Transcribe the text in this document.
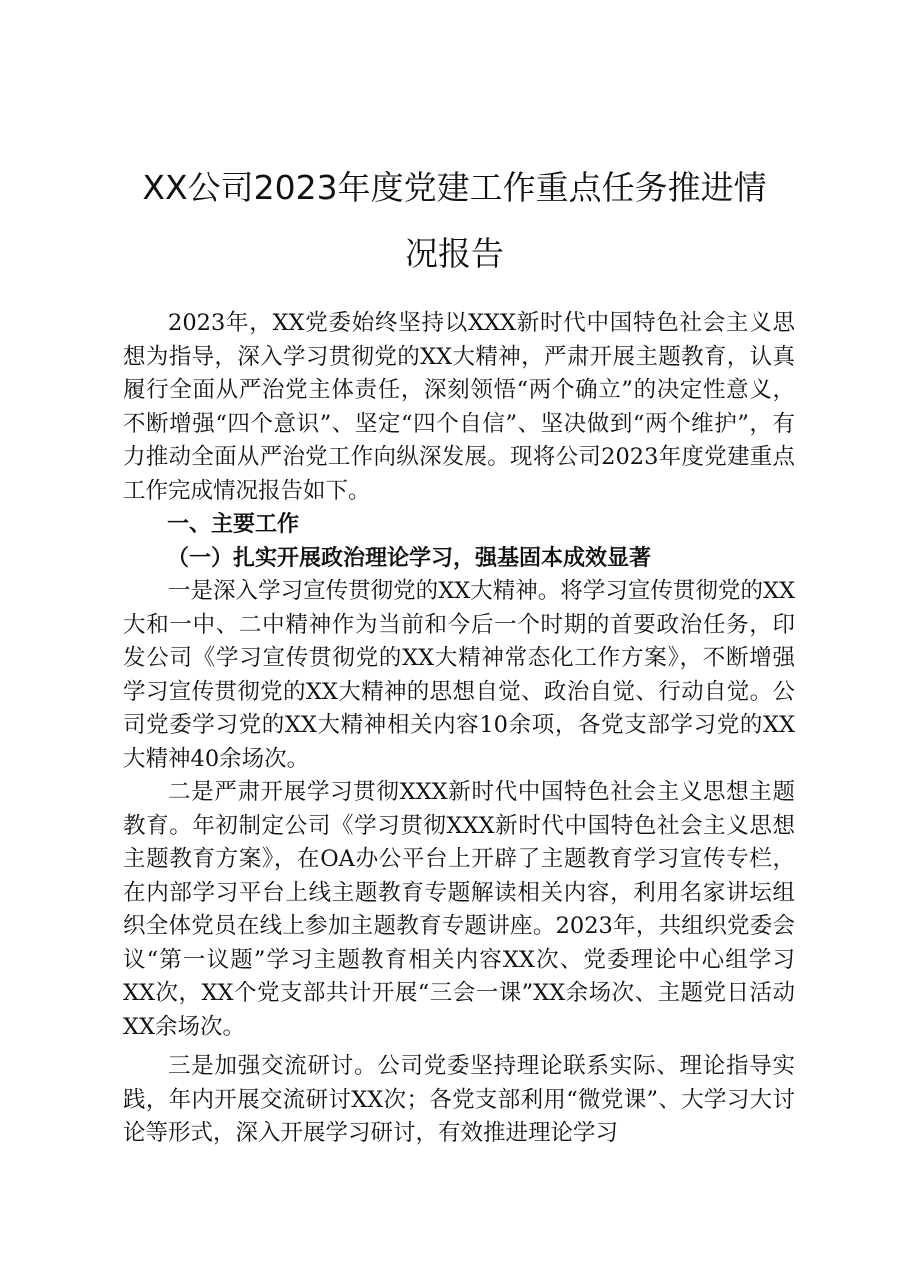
XX公司2023年度党建工作重点任务推进情
况报告

2023年，XX党委始终坚持以XXX新时代中国特色社会主义思想为指导，深入学习贯彻党的XX大精神，严肃开展主题教育，认真履行全面从严治党主体责任，深刻领悟“两个确立”的决定性意义，不断增强“四个意识”、坚定“四个自信”、坚决做到“两个维护”，有力推动全面从严治党工作向纵深发展。现将公司2023年度党建重点工作完成情况报告如下。

一、主要工作

（一）扎实开展政治理论学习，强基固本成效显著

一是深入学习宣传贯彻党的XX大精神。将学习宣传贯彻党的XX大和一中、二中精神作为当前和今后一个时期的首要政治任务，印发公司《学习宣传贯彻党的XX大精神常态化工作方案》，不断增强学习宣传贯彻党的XX大精神的思想自觉、政治自觉、行动自觉。公司党委学习党的XX大精神相关内容10余项，各党支部学习党的XX大精神40余场次。

二是严肃开展学习贯彻XXX新时代中国特色社会主义思想主题教育。年初制定公司《学习贯彻XXX新时代中国特色社会主义思想主题教育方案》，在OA办公平台上开辟了主题教育学习宣传专栏，在内部学习平台上线主题教育专题解读相关内容，利用名家讲坛组织全体党员在线上参加主题教育专题讲座。2023年，共组织党委会议“第一议题”学习主题教育相关内容XX次、党委理论中心组学习XX次，XX个党支部共计开展“三会一课”XX余场次、主题党日活动XX余场次。

三是加强交流研讨。公司党委坚持理论联系实际、理论指导实践，年内开展交流研讨XX次；各党支部利用“微党课”、大学习大讨论等形式，深入开展学习研讨，有效推进理论学习
